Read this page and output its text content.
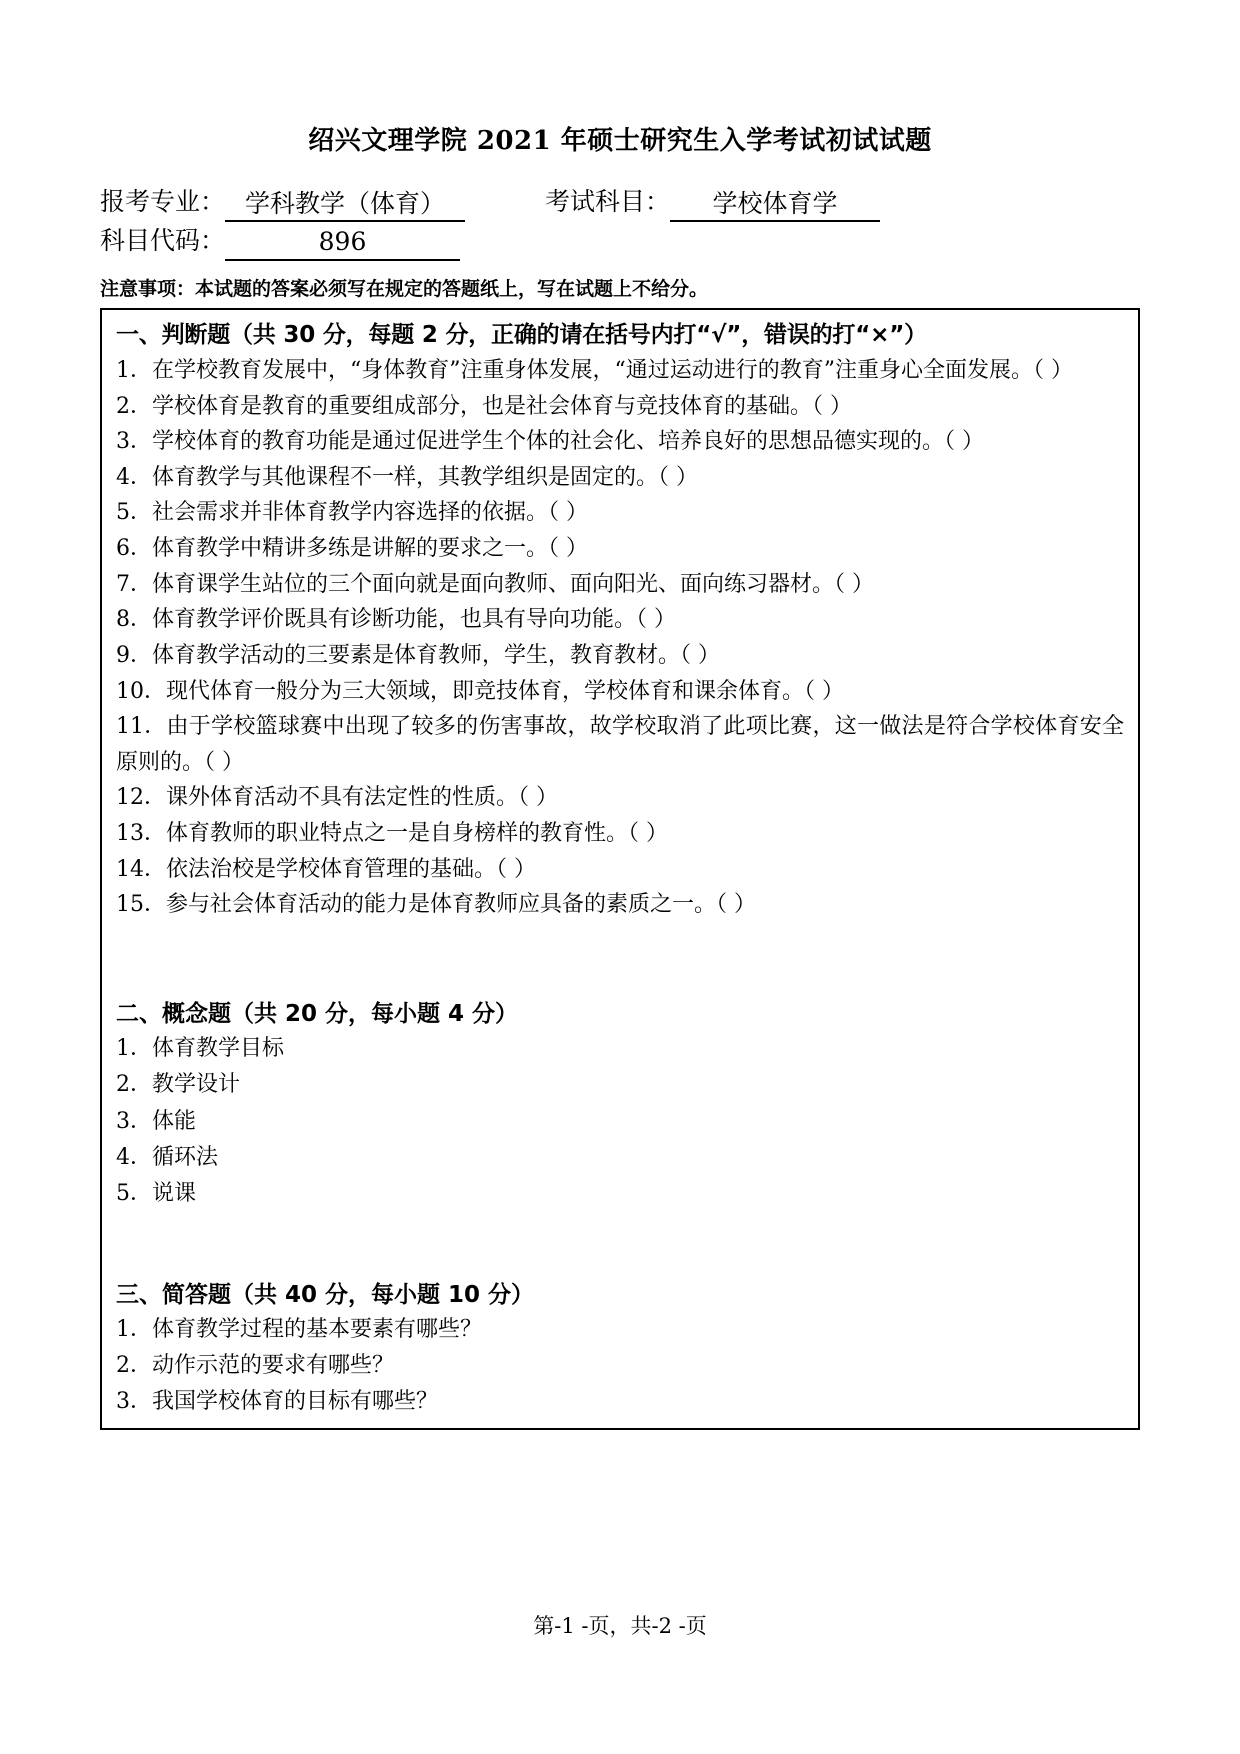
绍兴文理学院 2021 年硕士研究生入学考试初试试题
报考专业： 学科教学（体育）	考试科目：	学校体育学
科目代码：	896
注意事项：本试题的答案必须写在规定的答题纸上，写在试题上不给分。
一、判断题（共 30 分，每题 2 分，正确的请在括号内打“√”，错误的打“×”）
1．在学校教育发展中，“身体教育”注重身体发展，“通过运动进行的教育”注重身心全面发展。（ ）
2．学校体育是教育的重要组成部分，也是社会体育与竞技体育的基础。（ ）
3．学校体育的教育功能是通过促进学生个体的社会化、培养良好的思想品德实现的。（ ）
4．体育教学与其他课程不一样，其教学组织是固定的。（ ）
5．社会需求并非体育教学内容选择的依据。（ ）
6．体育教学中精讲多练是讲解的要求之一。（ ）
7．体育课学生站位的三个面向就是面向教师、面向阳光、面向练习器材。（ ）
8．体育教学评价既具有诊断功能，也具有导向功能。（ ）
9．体育教学活动的三要素是体育教师，学生，教育教材。（ ）
10．现代体育一般分为三大领域，即竞技体育，学校体育和课余体育。（ ）
11．由于学校篮球赛中出现了较多的伤害事故，故学校取消了此项比赛，这一做法是符合学校体育安全原则的。（ ）
12．课外体育活动不具有法定性的性质。（ ）
13．体育教师的职业特点之一是自身榜样的教育性。（ ）
14．依法治校是学校体育管理的基础。（ ）
15．参与社会体育活动的能力是体育教师应具备的素质之一。（ ）
二、概念题（共 20 分，每小题 4 分）
1．体育教学目标
2．教学设计
3．体能
4．循环法
5．说课
三、简答题（共 40 分，每小题 10 分）
1．体育教学过程的基本要素有哪些？
2．动作示范的要求有哪些？
3．我国学校体育的目标有哪些？
第-1 -页，共-2 -页
